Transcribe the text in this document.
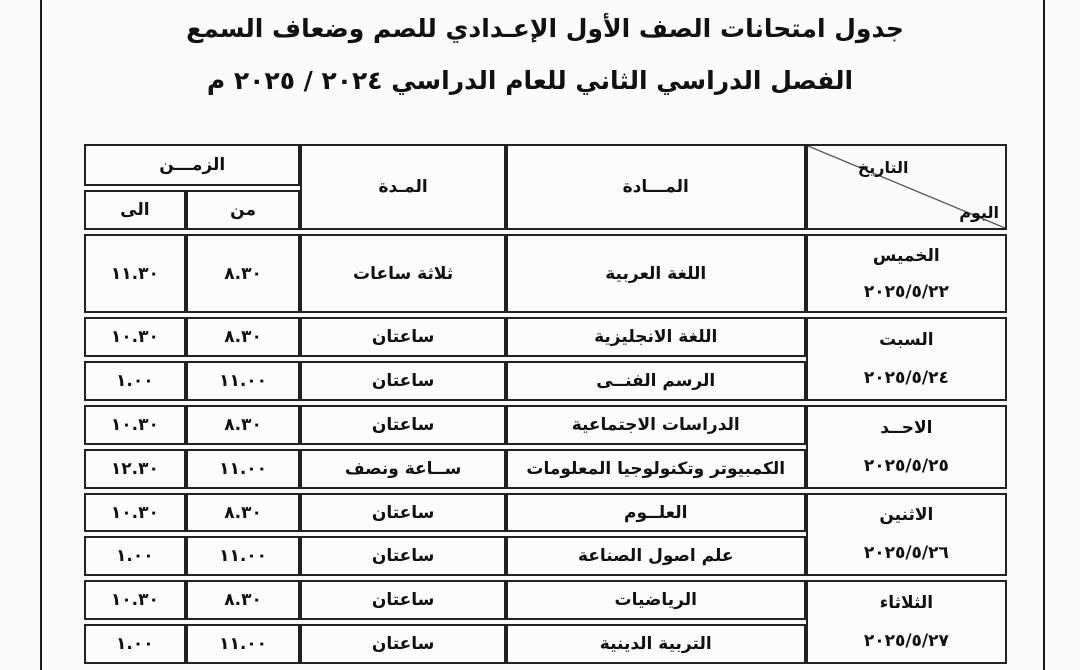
جدول امتحانات الصف الأول الإعـدادي للصم وضعاف السمع
الفصل الدراسي الثاني للعام الدراسي ٢٠٢٤ / ٢٠٢٥ م
التاريخ
اليوم	المـــادة	المـدة	الزمـــن	
			من	الى

الخميس
٢٠٢٥/٥/٢٢	اللغة العربية	ثلاثة ساعات	٨.٣٠	١١.٣٠

السبت
٢٠٢٥/٥/٢٤	اللغة الانجليزية	ساعتان	٨.٣٠	١٠.٣٠
	الرسم الفنــى	ساعتان	١١.٠٠	١.٠٠

الاحــد
٢٠٢٥/٥/٢٥	الدراسات الاجتماعية	ساعتان	٨.٣٠	١٠.٣٠
	الكمبيوتر وتكنولوجيا المعلومات	ســاعة ونصف	١١.٠٠	١٢.٣٠

الاثنين
٢٠٢٥/٥/٢٦	العلــوم	ساعتان	٨.٣٠	١٠.٣٠
	علم اصول الصناعة	ساعتان	١١.٠٠	١.٠٠

الثلاثاء
٢٠٢٥/٥/٢٧	الرياضيات	ساعتان	٨.٣٠	١٠.٣٠
	التربية الدينية	ساعتان	١١.٠٠	١.٠٠
